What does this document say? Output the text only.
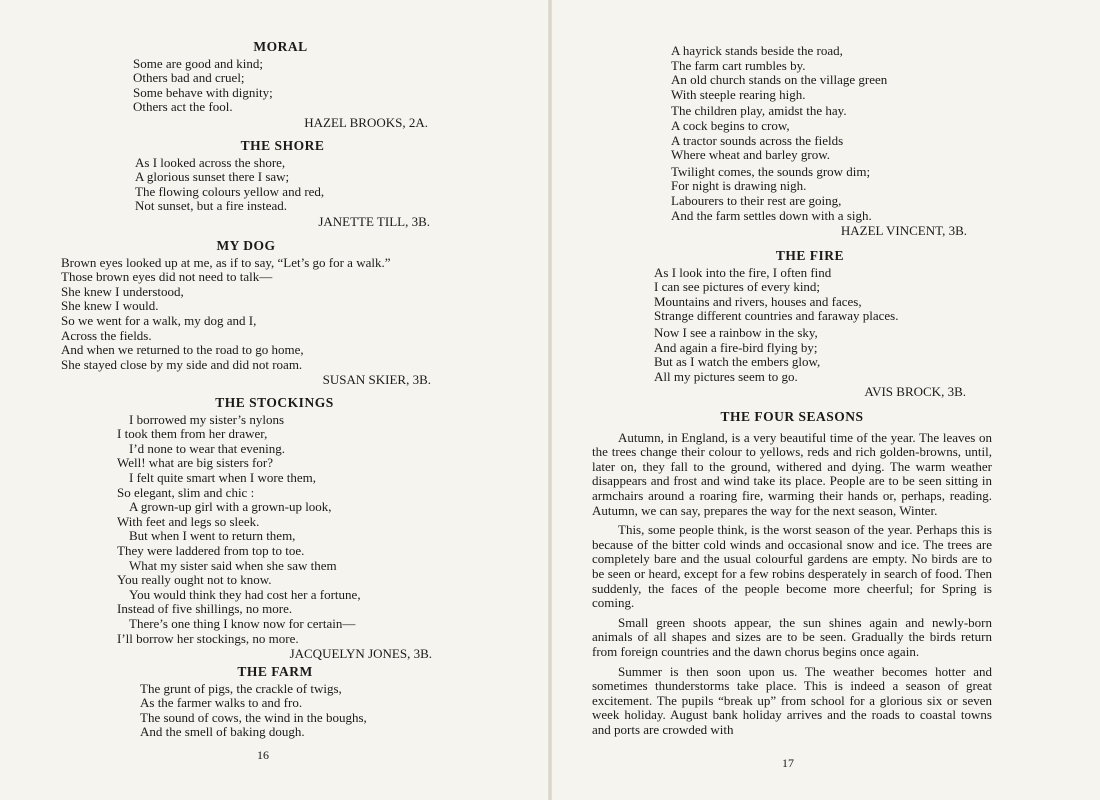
MORAL
Some are good and kind;
Others bad and cruel;
Some behave with dignity;
Others act the fool.
HAZEL BROOKS, 2A.
THE SHORE
As I looked across the shore,
A glorious sunset there I saw;
The flowing colours yellow and red,
Not sunset, but a fire instead.
JANETTE TILL, 3B.
MY DOG
Brown eyes looked up at me, as if to say, “Let’s go for a walk.”
Those brown eyes did not need to talk—
She knew I understood,
She knew I would.
So we went for a walk, my dog and I,
Across the fields.
And when we returned to the road to go home,
She stayed close by my side and did not roam.
SUSAN SKIER, 3B.
THE STOCKINGS
I borrowed my sister’s nylons
I took them from her drawer,
I’d none to wear that evening.
Well! what are big sisters for?
I felt quite smart when I wore them,
So elegant, slim and chic :
A grown-up girl with a grown-up look,
With feet and legs so sleek.
But when I went to return them,
They were laddered from top to toe.
What my sister said when she saw them
You really ought not to know.
You would think they had cost her a fortune,
Instead of five shillings, no more.
There’s one thing I know now for certain—
I’ll borrow her stockings, no more.
JACQUELYN JONES, 3B.
THE FARM
The grunt of pigs, the crackle of twigs,
As the farmer walks to and fro.
The sound of cows, the wind in the boughs,
And the smell of baking dough.
16
A hayrick stands beside the road,
The farm cart rumbles by.
An old church stands on the village green
With steeple rearing high.
The children play, amidst the hay.
A cock begins to crow,
A tractor sounds across the fields
Where wheat and barley grow.
Twilight comes, the sounds grow dim;
For night is drawing nigh.
Labourers to their rest are going,
And the farm settles down with a sigh.
HAZEL VINCENT, 3B.
THE FIRE
As I look into the fire, I often find
I can see pictures of every kind;
Mountains and rivers, houses and faces,
Strange different countries and faraway places.
Now I see a rainbow in the sky,
And again a fire-bird flying by;
But as I watch the embers glow,
All my pictures seem to go.
AVIS BROCK, 3B.
THE FOUR SEASONS

Autumn, in England, is a very beautiful time of the year. The leaves on the trees change their colour to yellows, reds and rich golden-browns, until, later on, they fall to the ground, withered and dying. The warm weather disappears and frost and wind take its place. People are to be seen sitting in armchairs around a roaring fire, warming their hands or, perhaps, reading. Autumn, we can say, prepares the way for the next season, Winter.

This, some people think, is the worst season of the year. Perhaps this is because of the bitter cold winds and occasional snow and ice. The trees are completely bare and the usual colourful gardens are empty. No birds are to be seen or heard, except for a few robins desperately in search of food. Then suddenly, the faces of the people become more cheerful; for Spring is coming.

Small green shoots appear, the sun shines again and newly-born animals of all shapes and sizes are to be seen. Gradually the birds return from foreign countries and the dawn chorus begins once again.

Summer is then soon upon us. The weather becomes hotter and sometimes thunderstorms take place. This is indeed a season of great excitement. The pupils “break up” from school for a glorious six or seven week holiday. August bank holiday arrives and the roads to coastal towns and ports are crowded with

17
